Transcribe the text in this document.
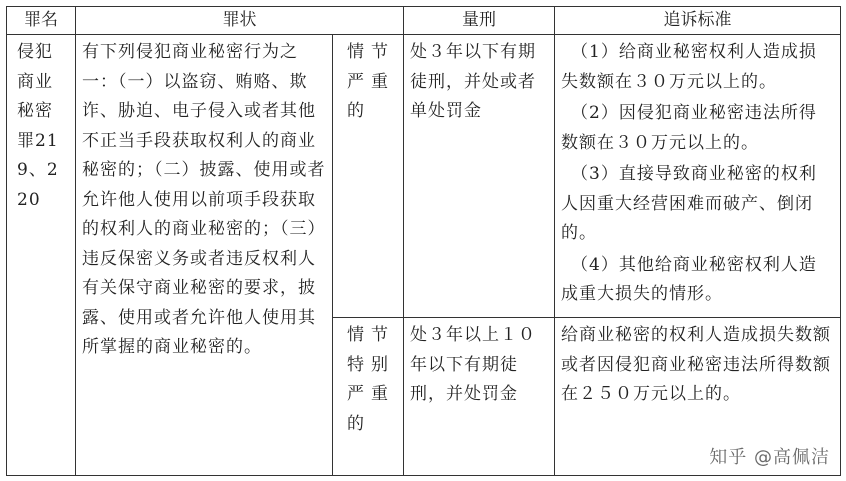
罪名	罪状		量刑	追诉标准
侵犯商业秘密罪219、220	有下列侵犯商业秘密行为之一：（一）以盗窃、贿赂、欺诈、胁迫、电子侵入或者其他不正当手段获取权利人的商业秘密的；（二）披露、使用或者允许他人使用以前项手段获取的权利人的商业秘密的；（三）违反保密义务或者违反权利人有关保守商业秘密的要求，披露、使用或者允许他人使用其所掌握的商业秘密的。	情节严重的	处３年以下有期徒刑，并处或者单处罚金	（1）给商业秘密权利人造成损失数额在３０万元以上的。

（2）因侵犯商业秘密违法所得数额在３０万元以上的。

（3）直接导致商业秘密的权利人因重大经营困难而破产、倒闭的。

（4）其他给商业秘密权利人造成重大损失的情形。

		情节特别严重的	处３年以上１０年以下有期徒刑，并处罚金	给商业秘密的权利人造成损失数额或者因侵犯商业秘密违法所得数额在２５０万元以上的。

知乎 @高佩洁
